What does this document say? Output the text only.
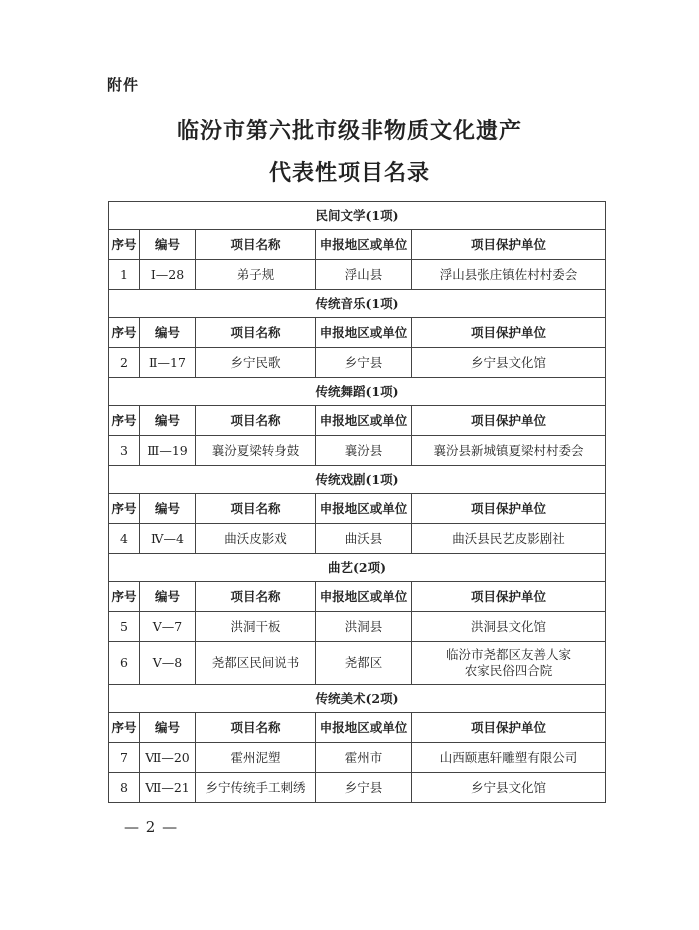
附件
临汾市第六批市级非物质文化遗产
代表性项目名录
民间文学(1项)				
序号	编号	项目名称	申报地区或单位	项目保护单位
1	Ⅰ—28	弟子规	浮山县	浮山县张庄镇佐村村委会
传统音乐(1项)				
序号	编号	项目名称	申报地区或单位	项目保护单位
2	Ⅱ—17	乡宁民歌	乡宁县	乡宁县文化馆
传统舞蹈(1项)				
序号	编号	项目名称	申报地区或单位	项目保护单位
3	Ⅲ—19	襄汾夏梁转身鼓	襄汾县	襄汾县新城镇夏梁村村委会
传统戏剧(1项)				
序号	编号	项目名称	申报地区或单位	项目保护单位
4	Ⅳ—4	曲沃皮影戏	曲沃县	曲沃县民艺皮影剧社
曲艺(2项)				
序号	编号	项目名称	申报地区或单位	项目保护单位
5	Ⅴ—7	洪洞干板	洪洞县	洪洞县文化馆
6	Ⅴ—8	尧都区民间说书	尧都区	临汾市尧都区友善人家
农家民俗四合院

传统美术(2项)				
序号	编号	项目名称	申报地区或单位	项目保护单位
7	Ⅶ—20	霍州泥塑	霍州市	山西颐惠轩雕塑有限公司
8	Ⅶ—21	乡宁传统手工刺绣	乡宁县	乡宁县文化馆
— 2 —
